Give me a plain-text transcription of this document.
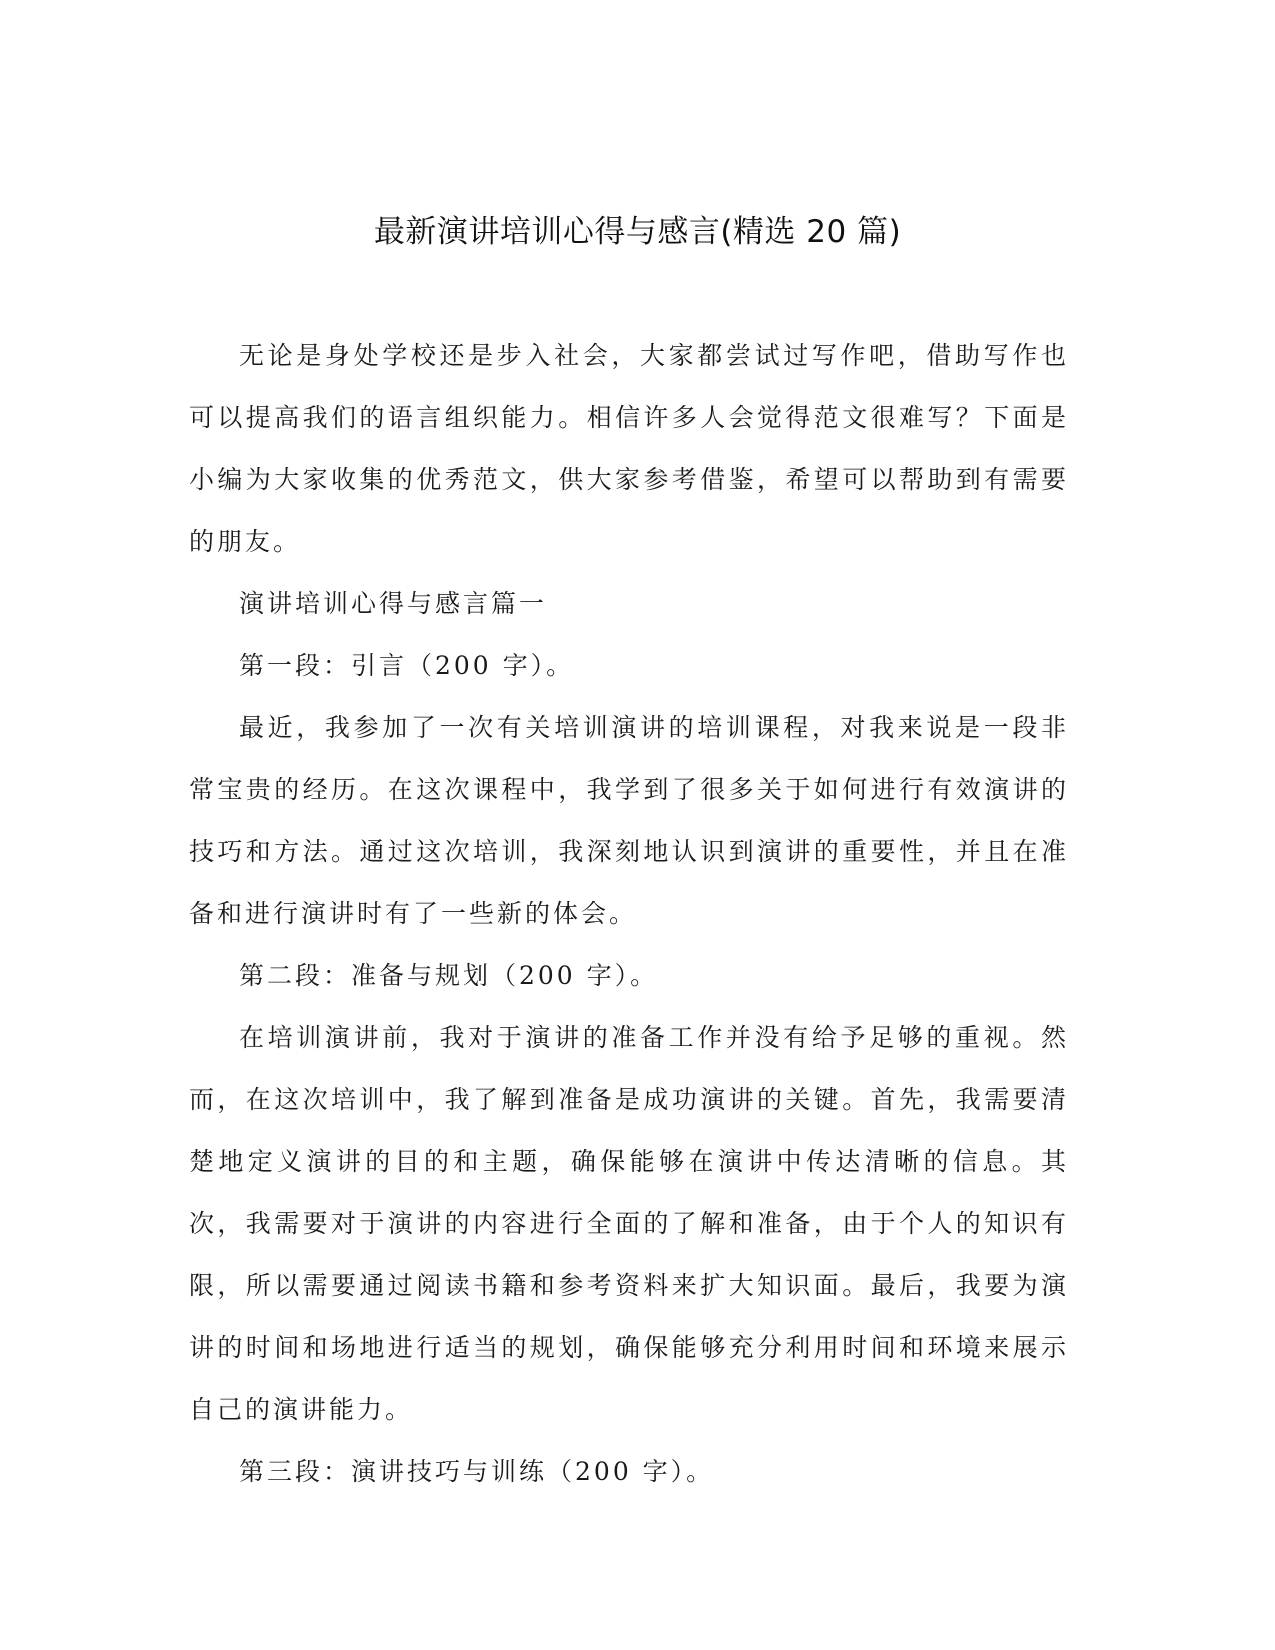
最新演讲培训心得与感言(精选 20 篇)

无论是身处学校还是步入社会，大家都尝试过写作吧，借助写作也可以提高我们的语言组织能力。相信许多人会觉得范文很难写？下面是小编为大家收集的优秀范文，供大家参考借鉴，希望可以帮助到有需要的朋友。

演讲培训心得与感言篇一

第一段：引言（200 字）。

最近，我参加了一次有关培训演讲的培训课程，对我来说是一段非常宝贵的经历。在这次课程中，我学到了很多关于如何进行有效演讲的技巧和方法。通过这次培训，我深刻地认识到演讲的重要性，并且在准备和进行演讲时有了一些新的体会。

第二段：准备与规划（200 字）。

在培训演讲前，我对于演讲的准备工作并没有给予足够的重视。然而，在这次培训中，我了解到准备是成功演讲的关键。首先，我需要清楚地定义演讲的目的和主题，确保能够在演讲中传达清晰的信息。其次，我需要对于演讲的内容进行全面的了解和准备，由于个人的知识有限，所以需要通过阅读书籍和参考资料来扩大知识面。最后，我要为演讲的时间和场地进行适当的规划，确保能够充分利用时间和环境来展示自己的演讲能力。

第三段：演讲技巧与训练（200 字）。
